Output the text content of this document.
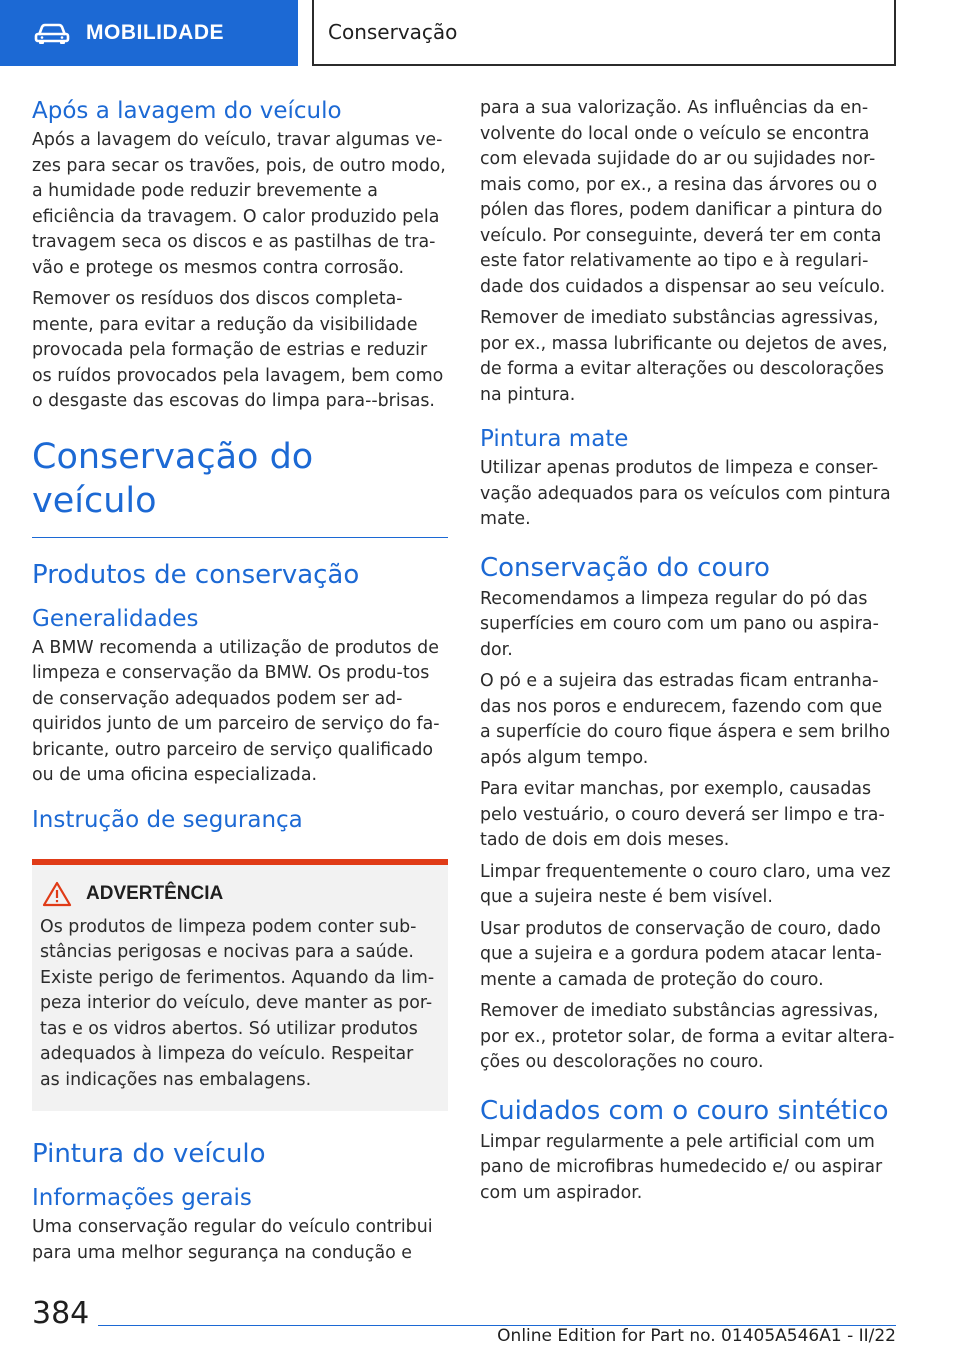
MOBILIDADE	Conservação
Após a lavagem do veículo

Após a lavagem do veículo, travar algumas ve-zes para secar os travões, pois, de outro modo, a humidade pode reduzir brevemente a eficiência da travagem. O calor produzido pela travagem seca os discos e as pastilhas de tra-vão e protege os mesmos contra corrosão.

Remover os resíduos dos discos completa-mente, para evitar a redução da visibilidade provocada pela formação de estrias e reduzir os ruídos provocados pela lavagem, bem como o desgaste das escovas do limpa para--brisas.

Conservação do veículo
Produtos de conservação
Generalidades

A BMW recomenda a utilização de produtos de limpeza e conservação da BMW. Os produ-tos de conservação adequados podem ser ad-quiridos junto de um parceiro de serviço do fa-bricante, outro parceiro de serviço qualificado ou de uma oficina especializada.

Instrução de segurança
ADVERTÊNCIA

Os produtos de limpeza podem conter sub-stâncias perigosas e nocivas para a saúde. Existe perigo de ferimentos. Aquando da lim-peza interior do veículo, deve manter as por-tas e os vidros abertos. Só utilizar produtos adequados à limpeza do veículo. Respeitar as indicações nas embalagens.

Pintura do veículo
Informações gerais

Uma conservação regular do veículo contribui para uma melhor segurança na condução e

para a sua valorização. As influências da en-volvente do local onde o veículo se encontra com elevada sujidade do ar ou sujidades nor-mais como, por ex., a resina das árvores ou o pólen das flores, podem danificar a pintura do veículo. Por conseguinte, deverá ter em conta este fator relativamente ao tipo e à regulari-dade dos cuidados a dispensar ao seu veículo.

Remover de imediato substâncias agressivas, por ex., massa lubrificante ou dejetos de aves, de forma a evitar alterações ou descolorações na pintura.

Pintura mate

Utilizar apenas produtos de limpeza e conser-vação adequados para os veículos com pintura mate.

Conservação do couro

Recomendamos a limpeza regular do pó das superfícies em couro com um pano ou aspira-dor.

O pó e a sujeira das estradas ficam entranha-das nos poros e endurecem, fazendo com que a superfície do couro fique áspera e sem brilho após algum tempo.

Para evitar manchas, por exemplo, causadas pelo vestuário, o couro deverá ser limpo e tra-tado de dois em dois meses.

Limpar frequentemente o couro claro, uma vez que a sujeira neste é bem visível.

Usar produtos de conservação de couro, dado que a sujeira e a gordura podem atacar lenta-mente a camada de proteção do couro.

Remover de imediato substâncias agressivas, por ex., protetor solar, de forma a evitar altera-ções ou descolorações no couro.

Cuidados com o couro sintético

Limpar regularmente a pele artificial com um pano de microfibras humedecido e/ ou aspirar com um aspirador.

384
Online Edition for Part no. 01405A546A1 - II/22
